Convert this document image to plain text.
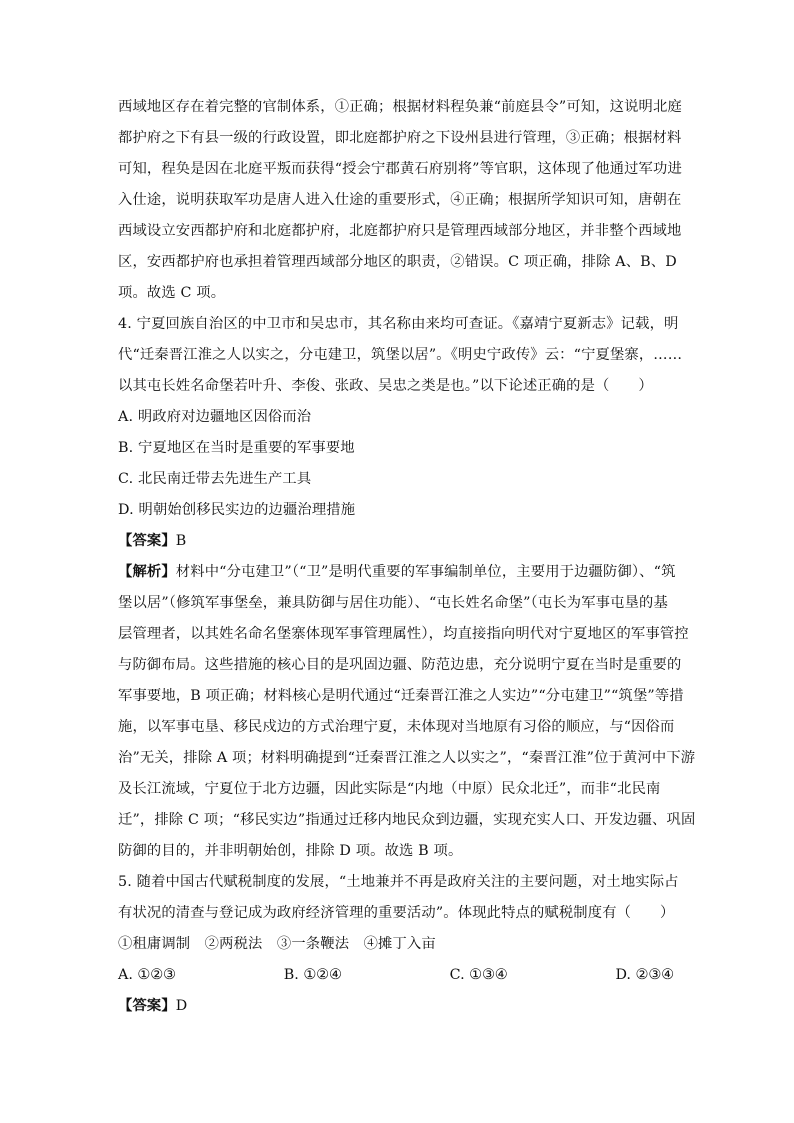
西域地区存在着完整的官制体系，①正确；根据材料程奂兼“前庭县令”可知，这说明北庭
都护府之下有县一级的行政设置，即北庭都护府之下设州县进行管理，③正确；根据材料
可知，程奂是因在北庭平叛而获得“授会宁郡黄石府别将”等官职，这体现了他通过军功进
入仕途，说明获取军功是唐人进入仕途的重要形式，④正确；根据所学知识可知，唐朝在
西域设立安西都护府和北庭都护府，北庭都护府只是管理西域部分地区，并非整个西域地
区，安西都护府也承担着管理西域部分地区的职责，②错误。C 项正确，排除 A、B、D
项。故选 C 项。
4. 宁夏回族自治区的中卫市和吴忠市，其名称由来均可查证。《嘉靖宁夏新志》记载，明
代“迁秦晋江淮之人以实之，分屯建卫，筑堡以居”。《明史宁政传》云：“宁夏堡寨，……
以其屯长姓名命堡若叶升、李俊、张政、吴忠之类是也。”以下论述正确的是（　　）
A. 明政府对边疆地区因俗而治
B. 宁夏地区在当时是重要的军事要地
C. 北民南迁带去先进生产工具
D. 明朝始创移民实边的边疆治理措施
【答案】B
【解析】材料中“分屯建卫”（“卫”是明代重要的军事编制单位，主要用于边疆防御）、“筑
堡以居”（修筑军事堡垒，兼具防御与居住功能）、“屯长姓名命堡”（屯长为军事屯垦的基
层管理者，以其姓名命名堡寨体现军事管理属性），均直接指向明代对宁夏地区的军事管控
与防御布局。这些措施的核心目的是巩固边疆、防范边患，充分说明宁夏在当时是重要的
军事要地，B 项正确；材料核心是明代通过“迁秦晋江淮之人实边”“分屯建卫”“筑堡”等措
施，以军事屯垦、移民戍边的方式治理宁夏，未体现对当地原有习俗的顺应，与“因俗而
治”无关，排除 A 项；材料明确提到“迁秦晋江淮之人以实之”，“秦晋江淮”位于黄河中下游
及长江流域，宁夏位于北方边疆，因此实际是“内地（中原）民众北迁”，而非“北民南
迁”，排除 C 项；“移民实边”指通过迁移内地民众到边疆，实现充实人口、开发边疆、巩固
防御的目的，并非明朝始创，排除 D 项。故选 B 项。
5. 随着中国古代赋税制度的发展，“土地兼并不再是政府关注的主要问题，对土地实际占
有状况的清查与登记成为政府经济管理的重要活动”。体现此特点的赋税制度有（　　）
①租庸调制　②两税法　③一条鞭法　④摊丁入亩
A. ①②③	B. ①②④	C. ①③④	D. ②③④
【答案】D
